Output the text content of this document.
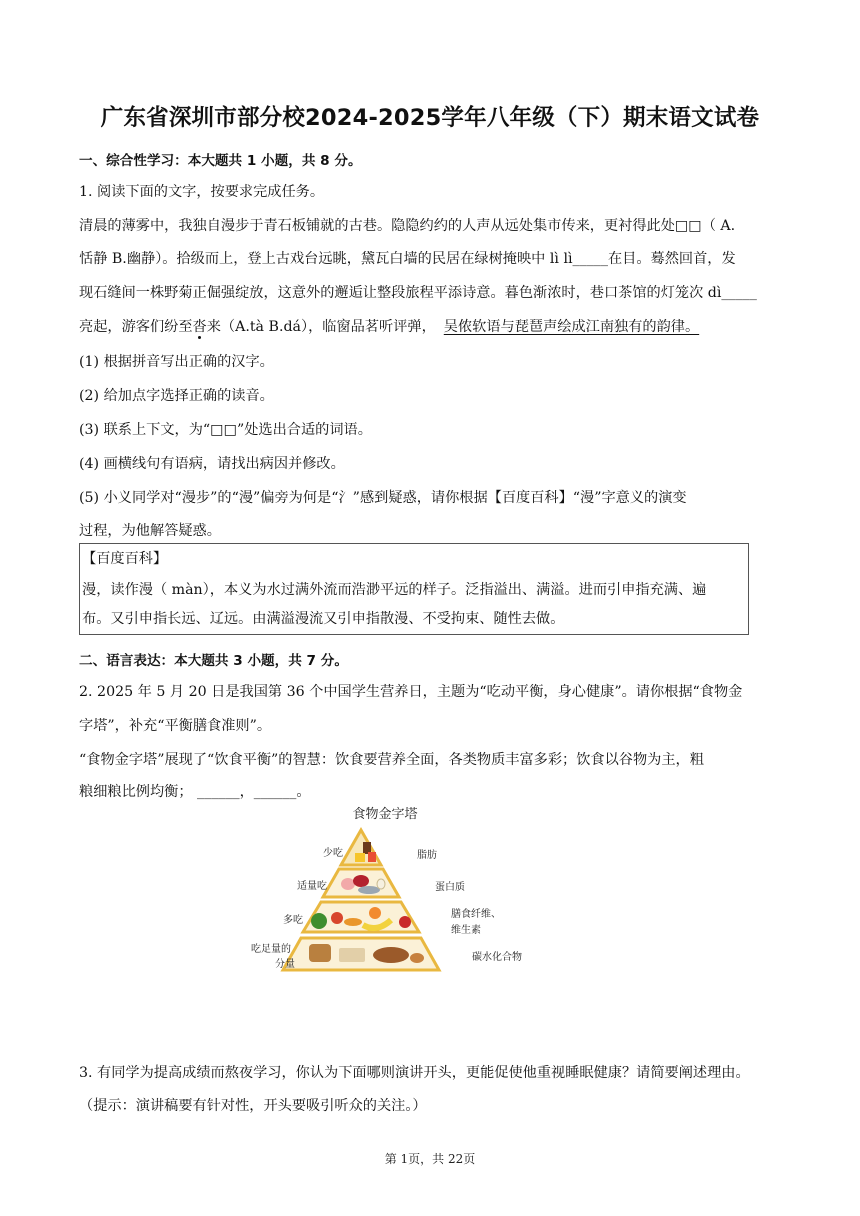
广东省深圳市部分校2024-2025学年八年级（下）期末语文试卷
一、综合性学习：本大题共 1 小题，共 8 分。
1. 阅读下面的文字，按要求完成任务。
清晨的薄雾中，我独自漫步于青石板铺就的古巷。隐隐约约的人声从远处集市传来，更衬得此处□□（ A.
恬静 B.幽静）。拾级而上，登上古戏台远眺，黛瓦白墙的民居在绿树掩映中 lì lì_____在目。蓦然回首，发
现石缝间一株野菊正倔强绽放，这意外的邂逅让整段旅程平添诗意。暮色渐浓时，巷口茶馆的灯笼次 dì_____
亮起，游客们纷至沓来（A.tà B.dá），临窗品茗听评弹， 吴侬软语与琵琶声绘成江南独有的韵律。
(1) 根据拼音写出正确的汉字。
(2) 给加点字选择正确的读音。
(3) 联系上下文，为“□□”处选出合适的词语。
(4) 画横线句有语病，请找出病因并修改。
(5) 小义同学对“漫步”的“漫”偏旁为何是“氵”感到疑惑，请你根据【百度百科】“漫”字意义的演变
过程，为他解答疑惑。
【百度百科】
漫，读作漫（ màn），本义为水过满外流而浩渺平远的样子。泛指溢出、满溢。进而引申指充满、遍
布。又引申指长远、辽远。由满溢漫流又引申指散漫、不受拘束、随性去做。
二、语言表达：本大题共 3 小题，共 7 分。
2. 2025 年 5 月 20 日是我国第 36 个中国学生营养日，主题为“吃动平衡，身心健康”。请你根据“食物金
字塔”，补充“平衡膳食准则”。
“食物金字塔”展现了“饮食平衡”的智慧：饮食要营养全面，各类物质丰富多彩；饮食以谷物为主，粗
粮细粮比例均衡； ______，______。
食物金字塔
少吃
适量吃
多吃
吃足量的
分量
脂肪
蛋白质
膳食纤维、
维生素
碳水化合物
3. 有同学为提高成绩而熬夜学习，你认为下面哪则演讲开头，更能促使他重视睡眠健康？请简要阐述理由。
（提示：演讲稿要有针对性，开头要吸引听众的关注。）
第 1页，共 22页
